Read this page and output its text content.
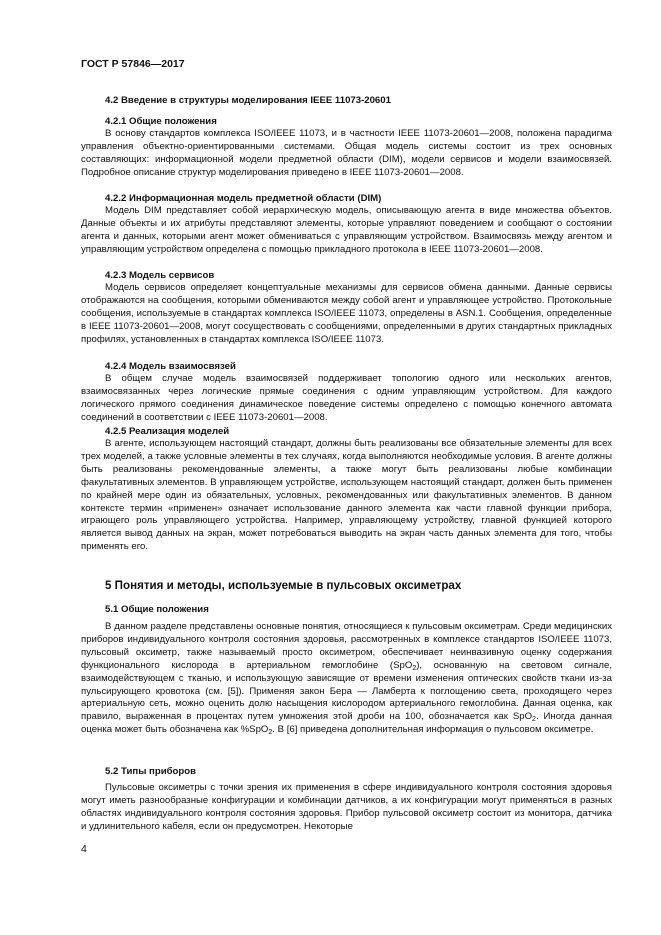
ГОСТ Р 57846—2017
4.2 Введение в структуры моделирования IEEE 11073-20601
4.2.1 Общие положения

В основу стандартов комплекса ISO/IEEE 11073, и в частности IEEE 11073-20601—2008, положена парадигма управления объектно-ориентированными системами. Общая модель системы состоит из трех основных составляющих: информационной модели предметной области (DIM), модели сервисов и модели взаимосвязей. Подробное описание структур моделирования приведено в IEEE 11073-20601—2008.

4.2.2 Информационная модель предметной области (DIM)

Модель DIM представляет собой иерархическую модель, описывающую агента в виде множества объектов. Данные объекты и их атрибуты представляют элементы, которые управляют поведением и сообщают о состоянии агента и данных, которыми агент может обмениваться с управляющим устройством. Взаимосвязь между агентом и управляющим устройством определена с помощью прикладного протокола в IEEE 11073-20601—2008.

4.2.3 Модель сервисов

Модель сервисов определяет концептуальные механизмы для сервисов обмена данными. Данные сервисы отображаются на сообщения, которыми обмениваются между собой агент и управляющее устройство. Протокольные сообщения, используемые в стандартах комплекса ISO/IEEE 11073, определены в ASN.1. Сообщения, определенные в IEEE 11073-20601—2008, могут сосуществовать с сообщениями, определенными в других стандартных прикладных профилях, установленных в стандартах комплекса ISO/IEEE 11073.

4.2.4 Модель взаимосвязей

В общем случае модель взаимосвязей поддерживает топологию одного или нескольких агентов, взаимосвязанных через логические прямые соединения с одним управляющим устройством. Для каждого логического прямого соединения динамическое поведение системы определено с помощью конечного автомата соединений в соответствии с IEEE 11073-20601—2008.

4.2.5 Реализация моделей

В агенте, использующем настоящий стандарт, должны быть реализованы все обязательные элементы для всех трех моделей, а также условные элементы в тех случаях, когда выполняются необходимые условия. В агенте должны быть реализованы рекомендованные элементы, а также могут быть реализованы любые комбинации факультативных элементов. В управляющем устройстве, использующем настоящий стандарт, должен быть применен по крайней мере один из обязательных, условных, рекомендованных или факультативных элементов. В данном контексте термин «применен» означает использование данного элемента как части главной функции прибора, играющего роль управляющего устройства. Например, управляющему устройству, главной функцией которого является вывод данных на экран, может потребоваться выводить на экран часть данных элемента для того, чтобы применять его.

5 Понятия и методы, используемые в пульсовых оксиметрах
5.1 Общие положения

В данном разделе представлены основные понятия, относящиеся к пульсовым оксиметрам. Среди медицинских приборов индивидуального контроля состояния здоровья, рассмотренных в комплексе стандартов ISO/IEEE 11073, пульсовый оксиметр, также называемый просто оксиметром, обеспечивает неинвазивную оценку содержания функционального кислорода в артериальном гемоглобине (SpO$_2$), основанную на световом сигнале, взаимодействующем с тканью, и использующую зависящие от времени изменения оптических свойств ткани из-за пульсирующего кровотока (см. [5]). Применяя закон Бера — Ламберта к поглощению света, проходящего через артериальную сеть, можно оценить долю насыщения кислородом артериального гемоглобина. Данная оценка, как правило, выраженная в процентах путем умножения этой дроби на 100, обозначается как SpO$_2$. Иногда данная оценка может быть обозначена как %SpO$_2$. В [6] приведена дополнительная информация о пульсовом оксиметре.

5.2 Типы приборов

Пульсовые оксиметры с точки зрения их применения в сфере индивидуального контроля состояния здоровья могут иметь разнообразные конфигурации и комбинации датчиков, а их конфигурации могут применяться в разных областях индивидуального контроля состояния здоровья. Прибор пульсовой оксиметр состоит из монитора, датчика и удлинительного кабеля, если он предусмотрен. Некоторые

4
